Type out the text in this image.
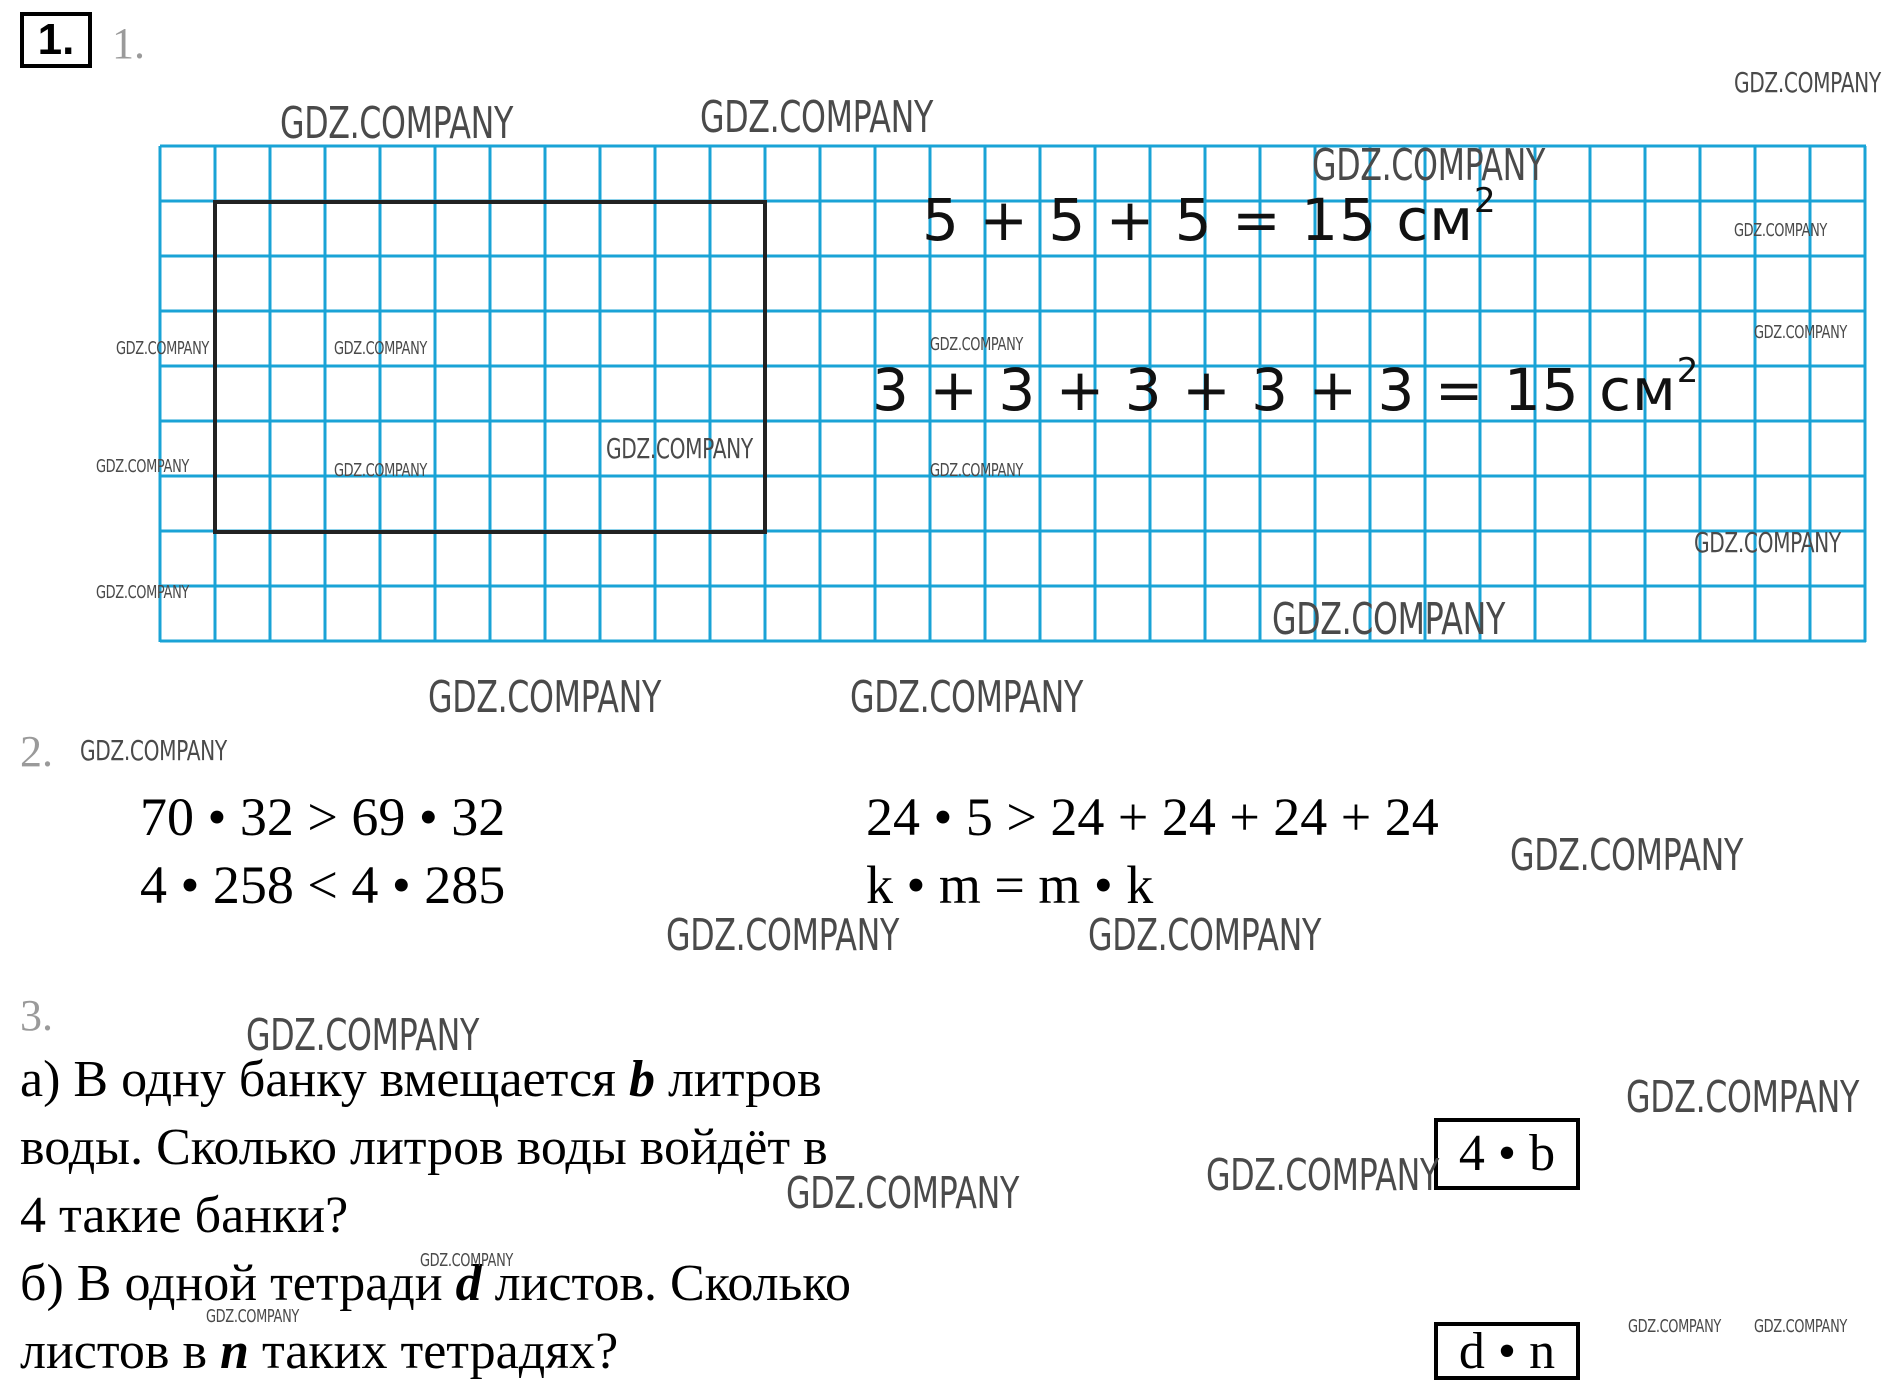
1. 1.
5 + 5 + 5 = 15 $см^2$
3 + 3 + 3 + 3 + 3 = 15 $см^2$
2.
70 • 32 > 69 • 32
4 • 258 < 4 • 285
24 • 5 > 24 + 24 + 24 + 24
k • m = m • k
3.
а) В одну банку вмещается b литров
воды. Сколько литров воды войдёт в
4 такие банки?
б) В одной тетради d листов. Сколько
листов в n таких тетрадях?
4 • b
d • n
GDZ.COMPANY
GDZ.COMPANY	GDZ.COMPANY
GDZ.COMPANY
GDZ.COMPANY
GDZ.COMPANY
GDZ.COMPANY	GDZ.COMPANY	GDZ.COMPANY
GDZ.COMPANY
GDZ.COMPANY	GDZ.COMPANY	GDZ.COMPANY
GDZ.COMPANY
GDZ.COMPANY
GDZ.COMPANY
GDZ.COMPANY	GDZ.COMPANY
GDZ.COMPANY
GDZ.COMPANY
GDZ.COMPANY	GDZ.COMPANY
GDZ.COMPANY
GDZ.COMPANY
GDZ.COMPANY
GDZ.COMPANY
GDZ.COMPANY
GDZ.COMPANY	GDZ.COMPANY GDZ.COMPANY
